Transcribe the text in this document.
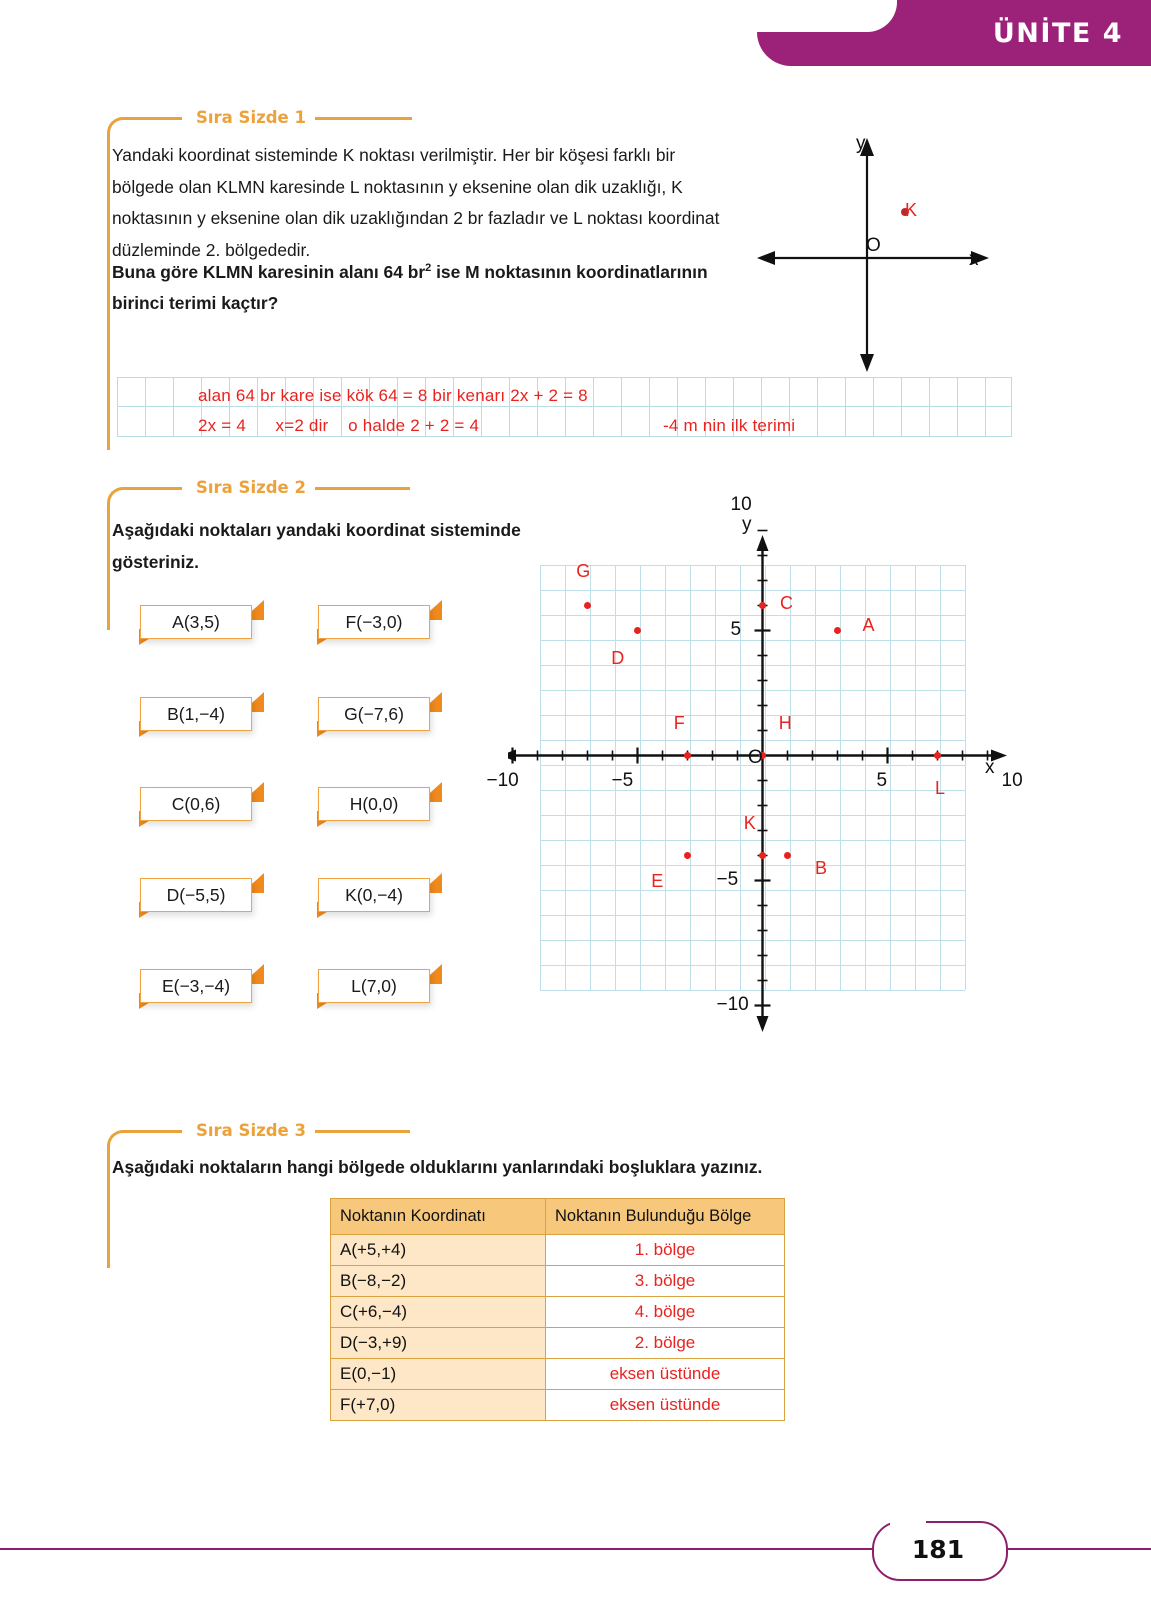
ÜNİTE 4
Sıra Sizde 1
Yandaki koordinat sisteminde K noktası verilmiştir. Her bir köşesi farklı bir bölgede olan KLMN karesinde L noktasının y eksenine olan dik uzaklığı, K noktasının y eksenine olan dik uzaklığından 2 br fazladır ve L noktası koordinat düzleminde 2. bölgededir.
Buna göre KLMN karesinin alanı 64 $br^2$ ise M noktasının koordinatlarının birinci terimi kaçtır?
y
x
O
K
alan 64 br kare ise kök 64 = 8 bir kenarı 2x + 2 = 8
2x = 4      x=2 dir    o halde 2 + 2 = 4	-4 m nin ilk terimi
Sıra Sizde 2
Aşağıdaki noktaları yandaki koordinat sisteminde gösteriniz.
A(3,5)
B(1,−4)
C(0,6)
D(−5,5)
E(−3,−4)
F(−3,0)
G(−7,6)
H(0,0)
K(0,−4)
L(7,0)
A
B
C
D
E
F
G
H
K
L
−10	−5	5	10
−10
−5
5
10
y
x
O
Sıra Sizde 3
Aşağıdaki noktaların hangi bölgede olduklarını yanlarındaki boşluklara yazınız.
Noktanın Koordinatı	Noktanın Bulunduğu Bölge
A(+5,+4)	1. bölge
B(−8,−2)	3. bölge
C(+6,−4)	4. bölge
D(−3,+9)	2. bölge
E(0,−1)	eksen üstünde
F(+7,0)	eksen üstünde
181
